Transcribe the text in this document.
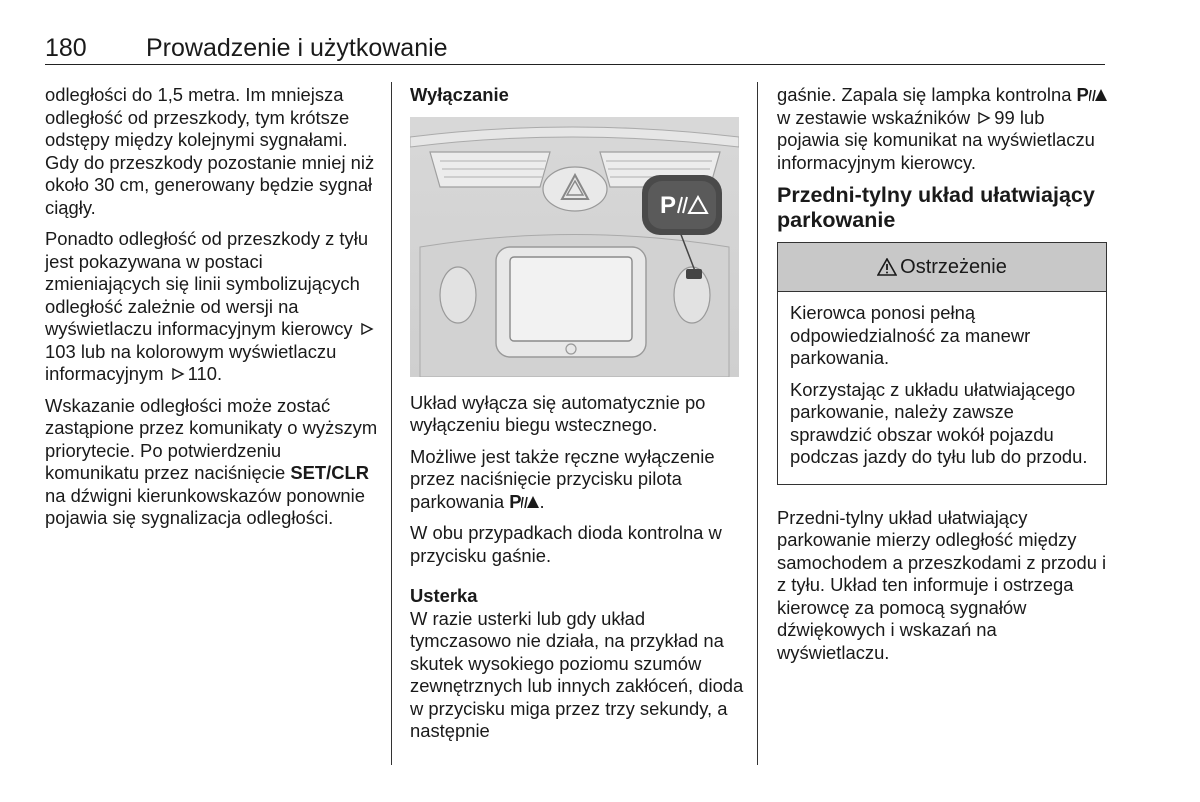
180 Prowadzenie i użytkowanie

odległości do 1,5 metra. Im mniejsza odległość od przeszkody, tym krótsze odstępy między kolejnymi sygnałami. Gdy do przeszkody pozostanie mniej niż około 30 cm, generowany będzie sygnał ciągły.

Ponadto odległość od przeszkody z tyłu jest pokazywana w postaci zmieniających się linii symbolizujących odległość zależnie od wersji na wyświetlaczu informacyjnym kierowcy 103 lub na kolorowym wyświetlaczu informacyjnym 110.

Wskazanie odległości może zostać zastąpione przez komunikaty o wyższym priorytecie. Po potwierdzeniu komunikatu przez naciśnięcie SET/CLR na dźwigni kierunkowskazów ponownie pojawia się sygnalizacja odległości.

Wyłączanie

P

Układ wyłącza się automatycznie po wyłączeniu biegu wstecznego.

Możliwe jest także ręczne wyłączenie przez naciśnięcie przycisku pilota parkowania P .

W obu przypadkach dioda kontrolna w przycisku gaśnie.

Usterka

W razie usterki lub gdy układ tymczasowo nie działa, na przykład na skutek wysokiego poziomu szumów zewnętrznych lub innych zakłóceń, dioda w przycisku miga przez trzy sekundy, a następnie

gaśnie. Zapala się lampka kontrolna P w zestawie wskaźników 99 lub pojawia się komunikat na wyświetlaczu informacyjnym kierowcy.

Przedni-tylny układ ułatwiający parkowanie

Ostrzeżenie

Kierowca ponosi pełną odpowiedzialność za manewr parkowania.

Korzystając z układu ułatwiającego parkowanie, należy zawsze sprawdzić obszar wokół pojazdu podczas jazdy do tyłu lub do przodu.

Przedni-tylny układ ułatwiający parkowanie mierzy odległość między samochodem a przeszkodami z przodu i z tyłu. Układ ten informuje i ostrzega kierowcę za pomocą sygnałów dźwiękowych i wskazań na wyświetlaczu.
